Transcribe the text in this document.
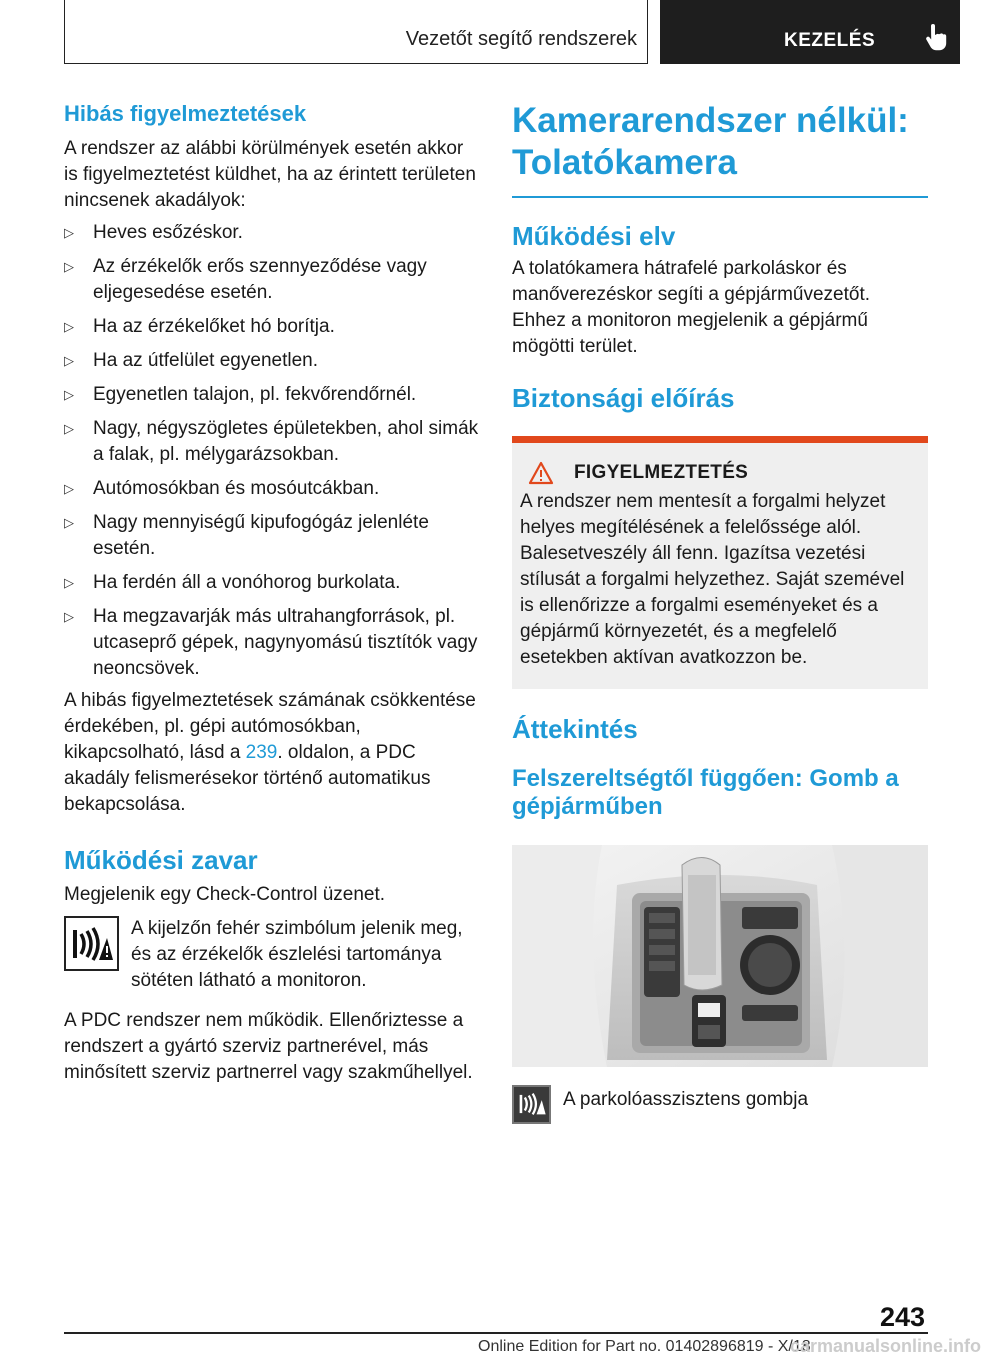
Vezetőt segítő rendszerek	KEZELÉS
Hibás figyelmeztetések

A rendszer az alábbi körülmények esetén akkor is figyelmeztetést küldhet, ha az érintett területen nincsenek akadályok:

▷ Heves esőzéskor.
▷ Az érzékelők erős szennyeződése vagy eljegesedése esetén.
▷ Ha az érzékelőket hó borítja.
▷ Ha az útfelület egyenetlen.
▷ Egyenetlen talajon, pl. fekvőrendőrnél.
▷ Nagy, négyszögletes épületekben, ahol simák a falak, pl. mélygarázsokban.
▷ Autómosókban és mosóutcákban.
▷ Nagy mennyiségű kipufogógáz jelenléte esetén.
▷ Ha ferdén áll a vonóhorog burkolata.
▷ Ha megzavarják más ultrahangforrások, pl. utcaseprő gépek, nagynyomású tisztítók vagy neoncsövek.

A hibás figyelmeztetések számának csökkentése érdekében, pl. gépi autómosókban, kikapcsolható, lásd a 239. oldalon, a PDC akadály felismerésekor történő automatikus bekapcsolása.

Működési zavar

Megjelenik egy Check-Control üzenet.

A kijelzőn fehér szimbólum jelenik meg, és az érzékelők észlelési tartománya sötéten látható a monitoron.

A PDC rendszer nem működik. Ellenőriztesse a rendszert a gyártó szerviz partnerével, más minősített szerviz partnerrel vagy szakműhellyel.

Kamerarendszer nélkül: Tolatókamera
Működési elv

A tolatókamera hátrafelé parkoláskor és manőverezéskor segíti a gépjárművezetőt. Ehhez a monitoron megjelenik a gépjármű mögötti terület.

Biztonsági előírás
FIGYELMEZTETÉS

A rendszer nem mentesít a forgalmi helyzet helyes megítélésének a felelőssége alól. Balesetveszély áll fenn. Igazítsa vezetési stílusát a forgalmi helyzethez. Saját szemével is ellenőrizze a forgalmi eseményeket és a gépjármű környezetét, és a megfelelő esetekben aktívan avatkozzon be.

Áttekintés
Felszereltségtől függően: Gomb a gépjárműben

A parkolóasszisztens gombja

243
Online Edition for Part no. 01402896819 - X/18
carmanualsonline.info
